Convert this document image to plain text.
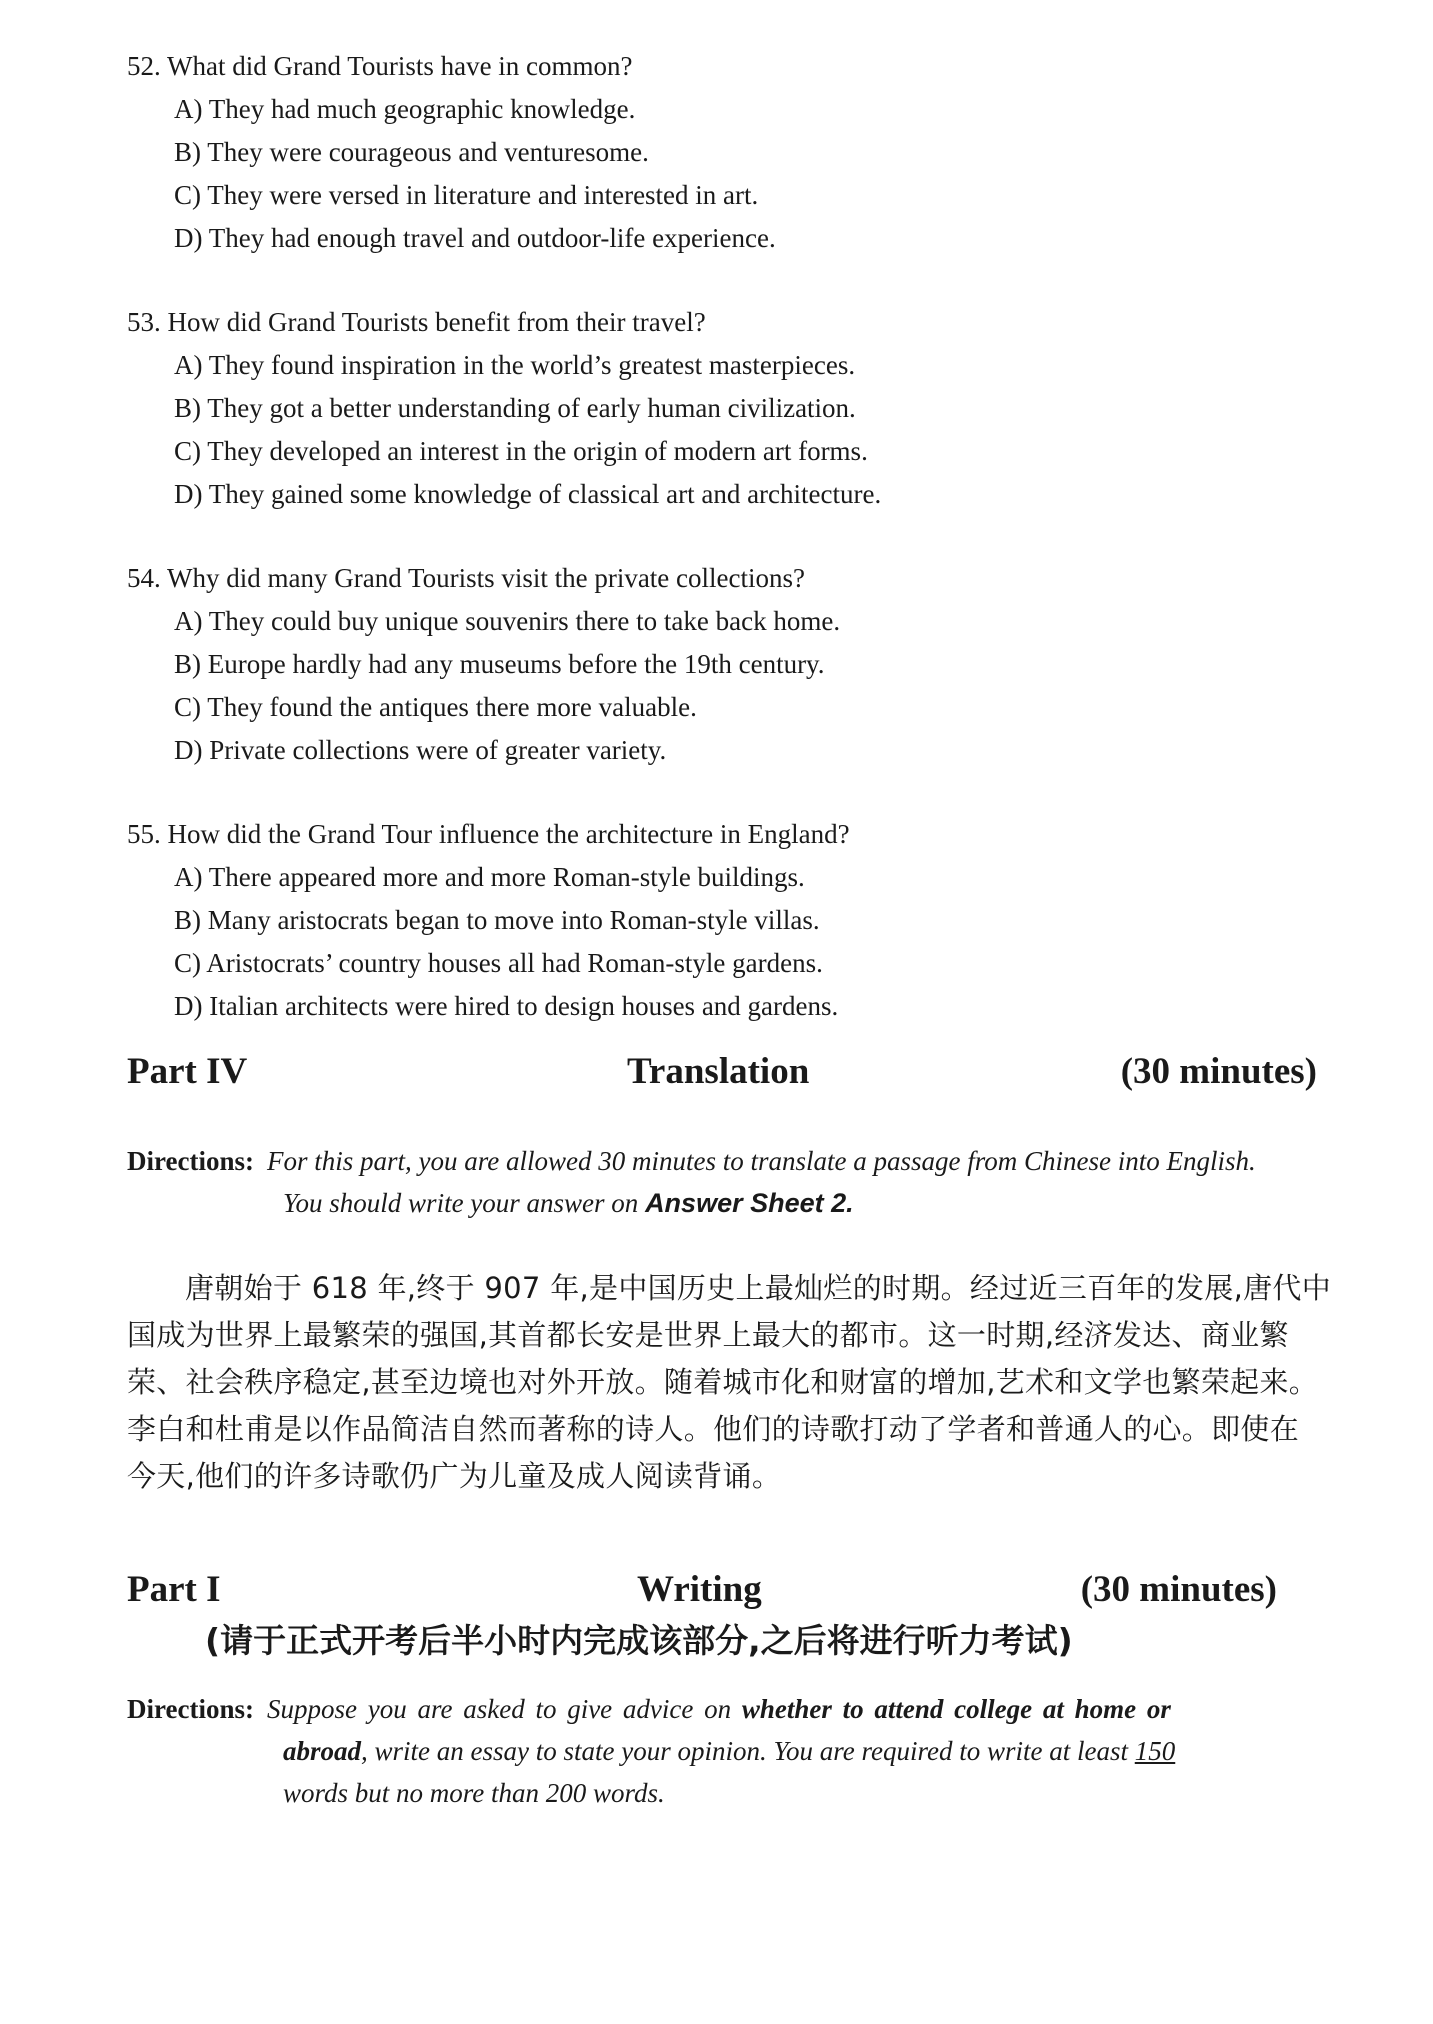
52. What did Grand Tourists have in common?
A) They had much geographic knowledge.
B) They were courageous and venturesome.
C) They were versed in literature and interested in art.
D) They had enough travel and outdoor-life experience.
53. How did Grand Tourists benefit from their travel?
A) They found inspiration in the world’s greatest masterpieces.
B) They got a better understanding of early human civilization.
C) They developed an interest in the origin of modern art forms.
D) They gained some knowledge of classical art and architecture.
54. Why did many Grand Tourists visit the private collections?
A) They could buy unique souvenirs there to take back home.
B) Europe hardly had any museums before the 19th century.
C) They found the antiques there more valuable.
D) Private collections were of greater variety.
55. How did the Grand Tour influence the architecture in England?
A) There appeared more and more Roman-style buildings.
B) Many aristocrats began to move into Roman-style villas.
C) Aristocrats’ country houses all had Roman-style gardens.
D) Italian architects were hired to design houses and gardens.
Part IV	Translation	(30 minutes)
Directions: For this part, you are allowed 30 minutes to translate a passage from Chinese into English.
You should write your answer on Answer Sheet 2.
唐朝始于 618 年,终于 907 年,是中国历史上最灿烂的时期。经过近三百年的发展,唐代中
国成为世界上最繁荣的强国,其首都长安是世界上最大的都市。这一时期,经济发达、商业繁
荣、社会秩序稳定,甚至边境也对外开放。随着城市化和财富的增加,艺术和文学也繁荣起来。
李白和杜甫是以作品简洁自然而著称的诗人。他们的诗歌打动了学者和普通人的心。即使在
今天,他们的许多诗歌仍广为儿童及成人阅读背诵。
Part I	Writing	(30 minutes)
(请于正式开考后半小时内完成该部分,之后将进行听力考试)
Directions: Suppose you are asked to give advice on whether to attend college at home or
abroad, write an essay to state your opinion. You are required to write at least 150
words but no more than 200 words.
